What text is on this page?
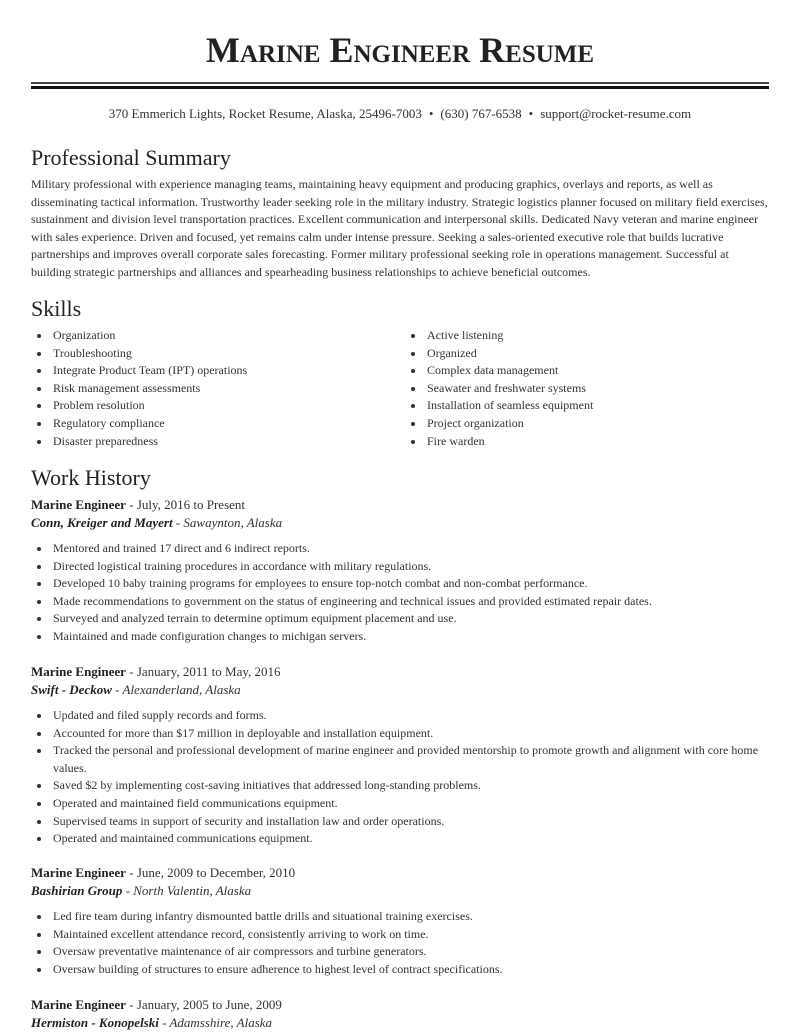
Marine Engineer Resume
370 Emmerich Lights, Rocket Resume, Alaska, 25496-7003 • (630) 767-6538 • support@rocket-resume.com
Professional Summary

Military professional with experience managing teams, maintaining heavy equipment and producing graphics, overlays and reports, as well as disseminating tactical information. Trustworthy leader seeking role in the military industry. Strategic logistics planner focused on military field exercises, sustainment and division level transportation practices. Excellent communication and interpersonal skills. Dedicated Navy veteran and marine engineer with sales experience. Driven and focused, yet remains calm under intense pressure. Seeking a sales-oriented executive role that builds lucrative partnerships and improves overall corporate sales forecasting. Former military professional seeking role in operations management. Successful at building strategic partnerships and alliances and spearheading business relationships to achieve beneficial outcomes.

Skills
Organization
Troubleshooting
Integrate Product Team (IPT) operations
Risk management assessments
Problem resolution
Regulatory compliance
Disaster preparedness
Active listening
Organized
Complex data management
Seawater and freshwater systems
Installation of seamless equipment
Project organization
Fire warden
Work History
Marine Engineer - July, 2016 to Present
Conn, Kreiger and Mayert - Sawaynton, Alaska
Mentored and trained 17 direct and 6 indirect reports.
Directed logistical training procedures in accordance with military regulations.
Developed 10 baby training programs for employees to ensure top-notch combat and non-combat performance.
Made recommendations to government on the status of engineering and technical issues and provided estimated repair dates.
Surveyed and analyzed terrain to determine optimum equipment placement and use.
Maintained and made configuration changes to michigan servers.
Marine Engineer - January, 2011 to May, 2016
Swift - Deckow - Alexanderland, Alaska
Updated and filed supply records and forms.
Accounted for more than $17 million in deployable and installation equipment.
Tracked the personal and professional development of marine engineer and provided mentorship to promote growth and alignment with core home values.
Saved $2 by implementing cost-saving initiatives that addressed long-standing problems.
Operated and maintained field communications equipment.
Supervised teams in support of security and installation law and order operations.
Operated and maintained communications equipment.
Marine Engineer - June, 2009 to December, 2010
Bashirian Group - North Valentin, Alaska
Led fire team during infantry dismounted battle drills and situational training exercises.
Maintained excellent attendance record, consistently arriving to work on time.
Oversaw preventative maintenance of air compressors and turbine generators.
Oversaw building of structures to ensure adherence to highest level of contract specifications.
Marine Engineer - January, 2005 to June, 2009
Hermiston - Konopelski - Adamsshire, Alaska
